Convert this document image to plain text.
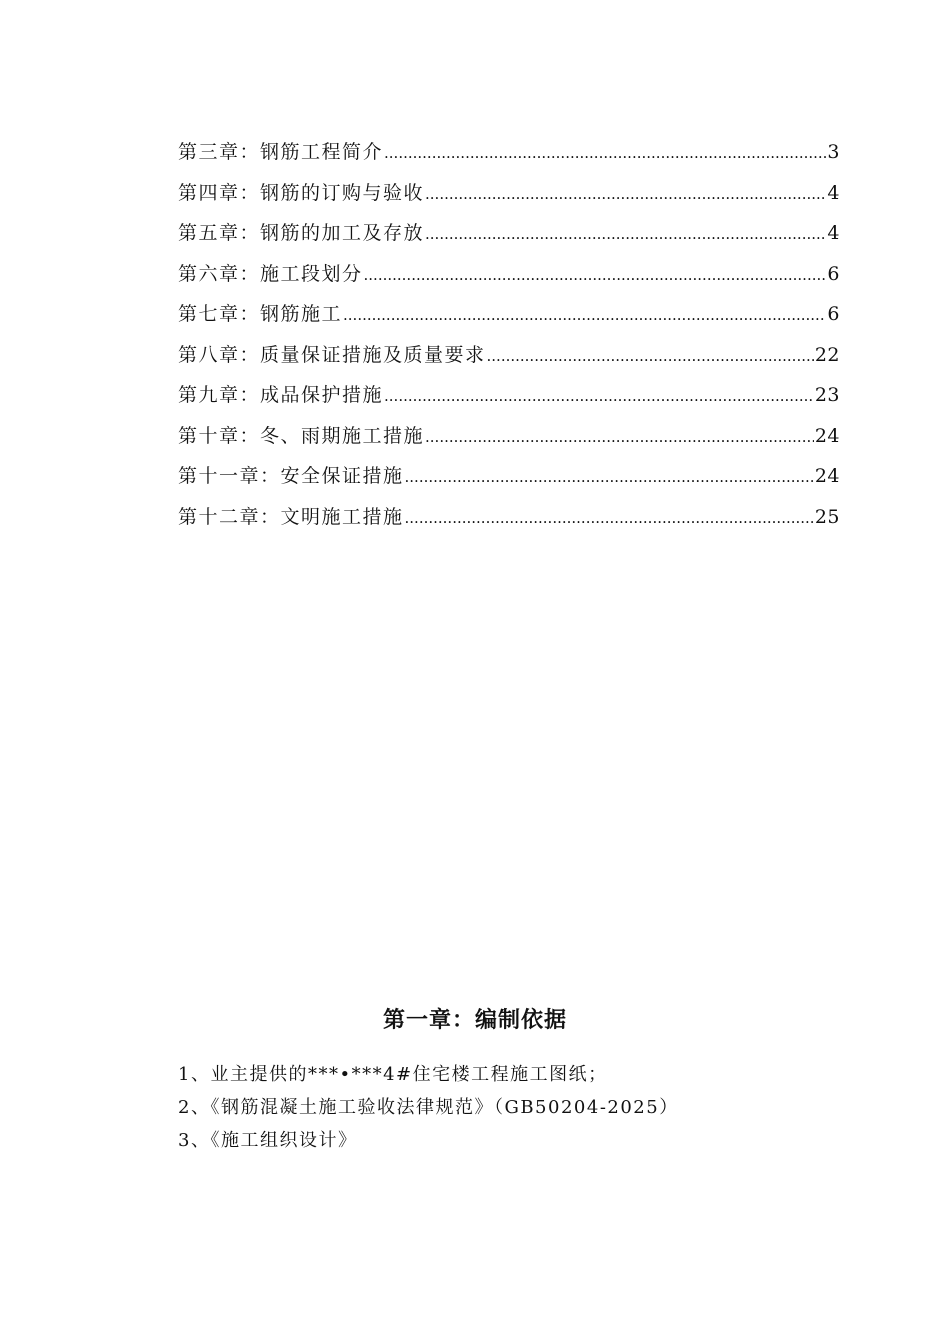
第三章：钢筋工程简介 .....	3
第四章：钢筋的订购与验收 .....	4
第五章：钢筋的加工及存放 .....	4
第六章：施工段划分 .....	6
第七章：钢筋施工 .....	6
第八章：质量保证措施及质量要求 .....	22
第九章：成品保护措施 .....	23
第十章：冬、雨期施工措施 .....	24
第十一章：安全保证措施 .....	24
第十二章：文明施工措施 .....	25
第一章：编制依据
1、业主提供的***•***4#住宅楼工程施工图纸；
2、《钢筋混凝土施工验收法律规范》（GB50204-2025）
3、《施工组织设计》
